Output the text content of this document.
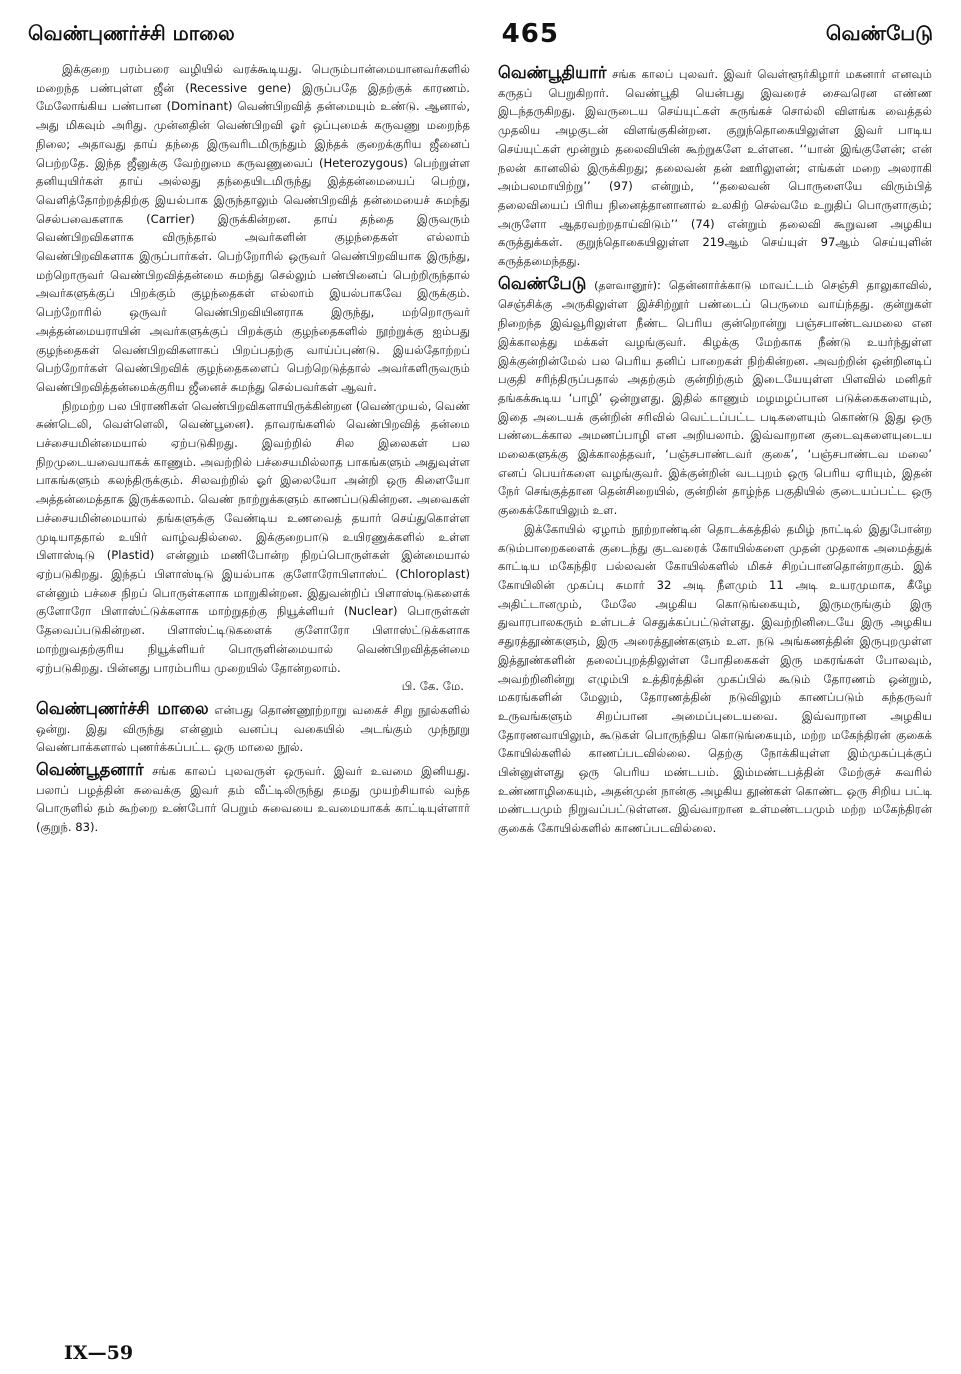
வெண்புணர்ச்சி மாலை	465	வெண்பேடு

இக்குறை பரம்பரை வழியில் வரக்கூடியது. பெரும்பான்மையானவர்களில் மறைந்த பண்புள்ள ஜீன் (Recessive gene) இருப்பதே இதற்குக் காரணம். மேலோங்கிய பண்பான (Dominant) வெண்பிறவித் தன்மையும் உண்டு. ஆனால், அது மிகவும் அரிது. முன்னதின் வெண்பிறவி ஓர் ஒப்புமைக் கருவணு மறைந்த நிலை; அதாவது தாய் தந்தை இருவரிடமிருந்தும் இந்தக் குறைக்குரிய ஜீனைப் பெற்றதே. இந்த ஜீனுக்கு வேற்றுமை கருவணுவைப் (Heterozygous) பெற்றுள்ள தனியுயிர்கள் தாய் அல்லது தந்தையிடமிருந்து இத்தன்மையைப் பெற்று, வெளித்தோற்றத்திற்கு இயல்பாக இருந்தாலும் வெண்பிறவித் தன்மையைச் சுமந்து செல்பவைகளாக (Carrier) இருக்கின்றன. தாய் தந்தை இருவரும் வெண்பிறவிகளாக விருந்தால் அவர்களின் குழந்தைகள் எல்லாம் வெண்பிறவிகளாக இருப்பார்கள். பெற்றோரில் ஒருவர் வெண்பிறவியாக இருந்து, மற்றொருவர் வெண்பிறவித்தன்மை சுமந்து செல்லும் பண்பினைப் பெற்றிருந்தால் அவர்களுக்குப் பிறக்கும் குழந்தைகள் எல்லாம் இயல்பாகவே இருக்கும். பெற்றோரில் ஒருவர் வெண்பிறவியினராக இருந்து, மற்றொருவர் அத்தன்மையராயின் அவர்களுக்குப் பிறக்கும் குழந்தைகளில் நூற்றுக்கு ஐம்பது குழந்தைகள் வெண்பிறவிகளாகப் பிறப்பதற்கு வாய்ப்புண்டு. இயல்தோற்றப் பெற்றோர்கள் வெண்பிறவிக் குழந்தைகளைப் பெற்றெடுத்தால் அவர்களிருவரும் வெண்பிறவித்தன்மைக்குரிய ஜீனைச் சுமந்து செல்பவர்கள் ஆவர்.

நிறமற்ற பல பிராணிகள் வெண்பிறவிகளாயிருக்கின்றன (வெண்முயல், வெண் சுண்டெலி, வெள்ளெலி, வெண்பூனை). தாவரங்களில் வெண்பிறவித் தன்மை பச்சையமின்மையால் ஏற்படுகிறது. இவற்றில் சில இலைகள் பல நிறமுடையவையாகக் காணும். அவற்றில் பச்சையமில்லாத பாகங்களும் அதுவுள்ள பாகங்களும் கலந்திருக்கும். சிலவற்றில் ஓர் இலையோ அன்றி ஒரு கிளையோ அத்தன்மைத்தாக இருக்கலாம். வெண் நாற்றுக்களும் காணப்படுகின்றன. அவைகள் பச்சையமின்மையால் தங்களுக்கு வேண்டிய உணவைத் தயார் செய்துகொள்ள முடியாததால் உயிர் வாழ்வதில்லை. இக்குறைபாடு உயிரணுக்களில் உள்ள பிளாஸ்டிடு (Plastid) என்னும் மணிபோன்ற நிறப்பொருள்கள் இன்மையால் ஏற்படுகிறது. இந்தப் பிளாஸ்டிடு இயல்பாக குளோரோபிளாஸ்ட் (Chloroplast) என்னும் பச்சை நிறப் பொருள்களாக மாறுகின்றன. இதுவன்றிப் பிளாஸ்டிடுகளைக் குளோரோ பிளாஸ்ட்டுக்களாக மாற்றுதற்கு நியூக்ளியர் (Nuclear) பொருள்கள் தேவைப்படுகின்றன. பிளாஸ்ட்டிடுகளைக் குளோரோ பிளாஸ்ட்டுக்களாக மாற்றுவதற்குரிய நியூக்ளியர் பொருளின்மையால் வெண்பிறவித்தன்மை ஏற்படுகிறது. பின்னது பாரம்பரிய முறையில் தோன்றலாம்.
பி. கே. மே.

வெண்புணர்ச்சி மாலை என்பது தொண்ணூற்றாறு வகைச் சிறு நூல்களில் ஒன்று. இது விருந்து என்னும் வனப்பு வகையில் அடங்கும் முந்நூறு வெண்பாக்களால் புணர்க்கப்பட்ட ஒரு மாலை நூல்.

வெண்பூதனார் சங்க காலப் புலவருள் ஒருவர். இவர் உவமை இனியது. பலாப் பழத்தின் சுவைக்கு இவர் தம் வீட்டிலிருந்து தமது முயற்சியால் வந்த பொருளில் தம் கூற்றை உண்போர் பெறும் சுவையை உவமையாகக் காட்டியுள்ளார் (குறுந். 83).

வெண்பூதியார் சங்க காலப் புலவர். இவர் வெள்ளூர்கிழார் மகனார் எனவும் கருதப் பெறுகிறார். வெண்பூதி யென்பது இவரைச் சைவரென எண்ண இடந்தருகிறது. இவருடைய செய்யுட்கள் சுருங்கச் சொல்லி விளங்க வைத்தல் முதலிய அழகுடன் விளங்குகின்றன. குறுந்தொகையிலுள்ள இவர் பாடிய செய்யுட்கள் மூன்றும் தலைவியின் கூற்றுகளே உள்ளன. ‘‘யான் இங்குளேன்; என் நலன் கானலில் இருக்கிறது; தலைவன் தன் ஊரிலுளன்; எங்கள் மறை அலராகி அம்பலமாயிற்று’’ (97) என்றும், ‘‘தலைவன் பொருளையே விரும்பித் தலைவியைப் பிரிய நினைத்தானானால் உலகிற் செல்வமே உறுதிப் பொருளாகும்; அருளோ ஆதரவற்றதாய்விடும்’’ (74) என்றும் தலைவி கூறுவன அழகிய கருத்துக்கள். குறுந்தொகையிலுள்ள 219ஆம் செய்யுள் 97ஆம் செய்யுளின் கருத்தமைந்தது.

வெண்பேடு (தளவானூர்): தென்னார்க்காடு மாவட்டம் செஞ்சி தாலுகாவில், செஞ்சிக்கு அருகிலுள்ள இச்சிற்றூர் பண்டைப் பெருமை வாய்ந்தது. குன்றுகள் நிறைந்த இவ்வூரிலுள்ள நீண்ட பெரிய குன்றொன்று பஞ்சபாண்டவமலை என இக்காலத்து மக்கள் வழங்குவர். கிழக்கு மேற்காக நீண்டு உயர்ந்துள்ள இக்குன்றின்மேல் பல பெரிய தனிப் பாறைகள் நிற்கின்றன. அவற்றின் ஒன்றினடிப் பகுதி சரிந்திருப்பதால் அதற்கும் குன்றிற்கும் இடையேயுள்ள பிளவில் மனிதர் தங்கக்கூடிய ‘பாழி’ ஒன்றுளது. இதில் காணும் மழமழப்பான படுக்கைகளையும், இதை அடையக் குன்றின் சரிவில் வெட்டப்பட்ட படிகளையும் கொண்டு இது ஒரு பண்டைக்கால அமணப்பாழி என அறியலாம். இவ்வாறான குடைவுகளையுடைய மலைகளுக்கு இக்காலத்தவர், ‘பஞ்சபாண்டவர் குகை’, ‘பஞ்சபாண்டவ மலை’ எனப் பெயர்களை வழங்குவர். இக்குன்றின் வடபுறம் ஒரு பெரிய ஏரியும், இதன் நேர் செங்குத்தான தென்சிறையில், குன்றின் தாழ்ந்த பகுதியில் குடையப்பட்ட ஒரு குகைக்கோயிலும் உள.

இக்கோயில் ஏழாம் நூற்றாண்டின் தொடக்கத்தில் தமிழ் நாட்டில் இதுபோன்ற கடும்பாறைகளைக் குடைந்து குடவரைக் கோயில்களை முதன் முதலாக அமைத்துக் காட்டிய மகேந்திர பல்லவன் கோயில்களில் மிகச் சிறப்பானதொன்றாகும். இக் கோயிலின் முகப்பு சுமார் 32 அடி நீளமும் 11 அடி உயரமுமாக, கீழே அதிட்டானமும், மேலே அழகிய கொடுங்கையும், இருமருங்கும் இரு துவாரபாலகரும் உள்படச் செதுக்கப்பட்டுள்ளது. இவற்றினிடையே இரு அழகிய சதுரத்தூண்களும், இரு அரைத்தூண்களும் உள. நடு அங்கணத்தின் இருபுறமுள்ள இத்தூண்களின் தலைப்புறத்திலுள்ள போதிகைகள் இரு மகரங்கள் போலவும், அவற்றினின்று எழும்பி உத்திரத்தின் முகப்பில் கூடும் தோரணம் ஒன்றும், மகரங்களின் மேலும், தோரணத்தின் நடுவிலும் காணப்படும் கந்தருவர் உருவங்களும் சிறப்பான அமைப்புடையவை. இவ்வாறான அழகிய தோரணவாயிலும், கூடுகள் பொருந்திய கொடுங்கையும், மற்ற மகேந்திரன் குகைக் கோயில்களில் காணப்படவில்லை. தெற்கு நோக்கியுள்ள இம்முகப்புக்குப் பின்னுள்ளது ஒரு பெரிய மண்டபம். இம்மண்டபத்தின் மேற்குச் சுவரில் உண்ணாழிகையும், அதன்முன் நான்கு அழகிய தூண்கள் கொண்ட ஒரு சிறிய பட்டி மண்டபமும் நிறுவப்பட்டுள்ளன. இவ்வாறான உள்மண்டபமும் மற்ற மகேந்திரன் குகைக் கோயில்களில் காணப்படவில்லை.

IX—59
